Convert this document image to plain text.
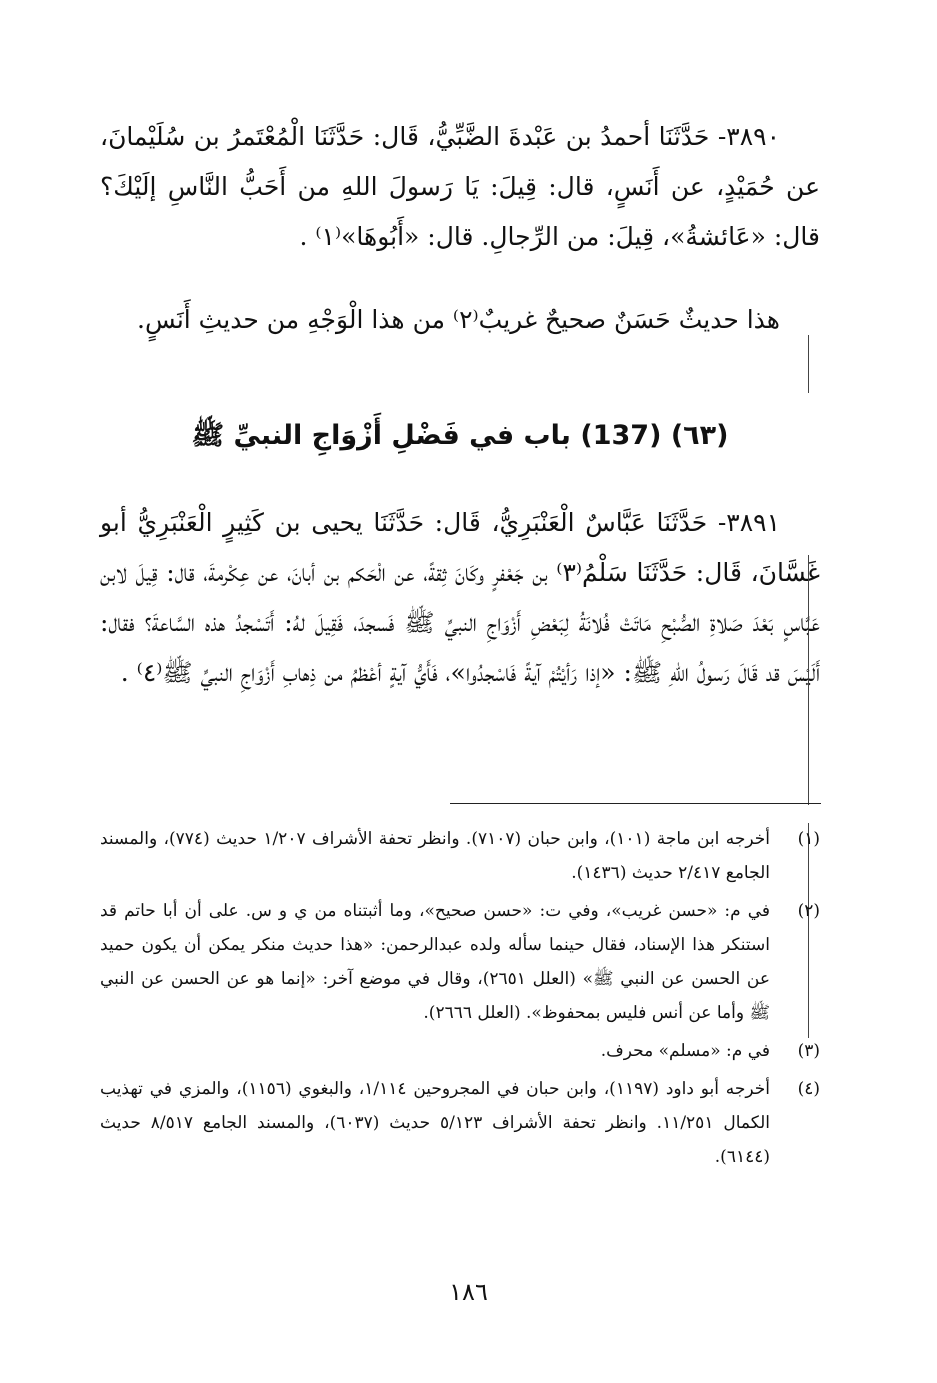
٣٨٩٠- حَدَّثَنَا أحمدُ بن عَبْدةَ الضَّبِّيُّ، قَال: حَدَّثَنَا الْمُعْتَمرُ بن سُلَيْمانَ، عن حُمَيْدٍ، عن أَنَسٍ، قال: قِيلَ: يَا رَسولَ اللهِ من أَحَبُّ النَّاسِ إلَيْكَ؟ قال: «عَائشةُ»، قِيلَ: من الرِّجالِ. قال: «أَبُوهَا»⁽١⁾ .

هذا حديثٌ حَسَنٌ صحيحٌ غريبٌ⁽٢⁾ من هذا الْوَجْهِ من حديثِ أَنَسٍ.

(٦٣) (137) باب في فَضْلِ أَزْوَاجِ النبيِّ ﷺ

٣٨٩١- حَدَّثَنَا عَبَّاسٌ الْعَنْبَرِيُّ، قَال: حَدَّثَنَا يحيى بن كَثِيرٍ الْعَنْبَرِيُّ أبو غَسَّانَ، قَال: حَدَّثَنَا سَلْمُ⁽٣⁾ بن جَعْفرٍ وكَانَ ثِقةً، عن الْحَكم بن أبانَ، عن عِكْرمةَ، قال: قِيلَ لابن عَبَّاسٍ بَعْدَ صَلاةِ الصُّبْحِ مَاتَتْ فُلانَةُ لِبَعْضِ أَزْوَاجِ النبيِّ ﷺ فَسجدَ، فَقِيلَ لهُ: أَتَسْجدُ هذه السَّاعةَ؟ فقال: أَلَيْسَ قد قَالَ رَسولُ اللهِ ﷺ: «إذا رَأيْتُمْ آيةً فَاسْجدُوا»، فَأَيُّ آيةٍ أعْظمُ من ذِهابِ أَزْوَاجِ النبيِّ ﷺ⁽٤⁾ .

(١)
أخرجه ابن ماجة (١٠١)، وابن حبان (٧١٠٧). وانظر تحفة الأشراف ١/٢٠٧ حديث (٧٧٤)، والمسند الجامع ٢/٤١٧ حديث (١٤٣٦).
(٢)
في م: «حسن غريب»، وفي ت: «حسن صحيح»، وما أثبتناه من ي و س. على أن أبا حاتم قد استنكر هذا الإسناد، فقال حينما سأله ولده عبدالرحمن: «هذا حديث منكر يمكن أن يكون حميد عن الحسن عن النبي ﷺ» (العلل ٢٦٥١)، وقال في موضع آخر: «إنما هو عن الحسن عن النبي ﷺ وأما عن أنس فليس بمحفوظ». (العلل ٢٦٦٦).
(٣)
في م: «مسلم» محرف.
(٤)
أخرجه أبو داود (١١٩٧)، وابن حبان في المجروحين ١/١١٤، والبغوي (١١٥٦)، والمزي في تهذيب الكمال ١١/٢٥١. وانظر تحفة الأشراف ٥/١٢٣ حديث (٦٠٣٧)، والمسند الجامع ٨/٥١٧ حديث (٦١٤٤).

١٨٦
